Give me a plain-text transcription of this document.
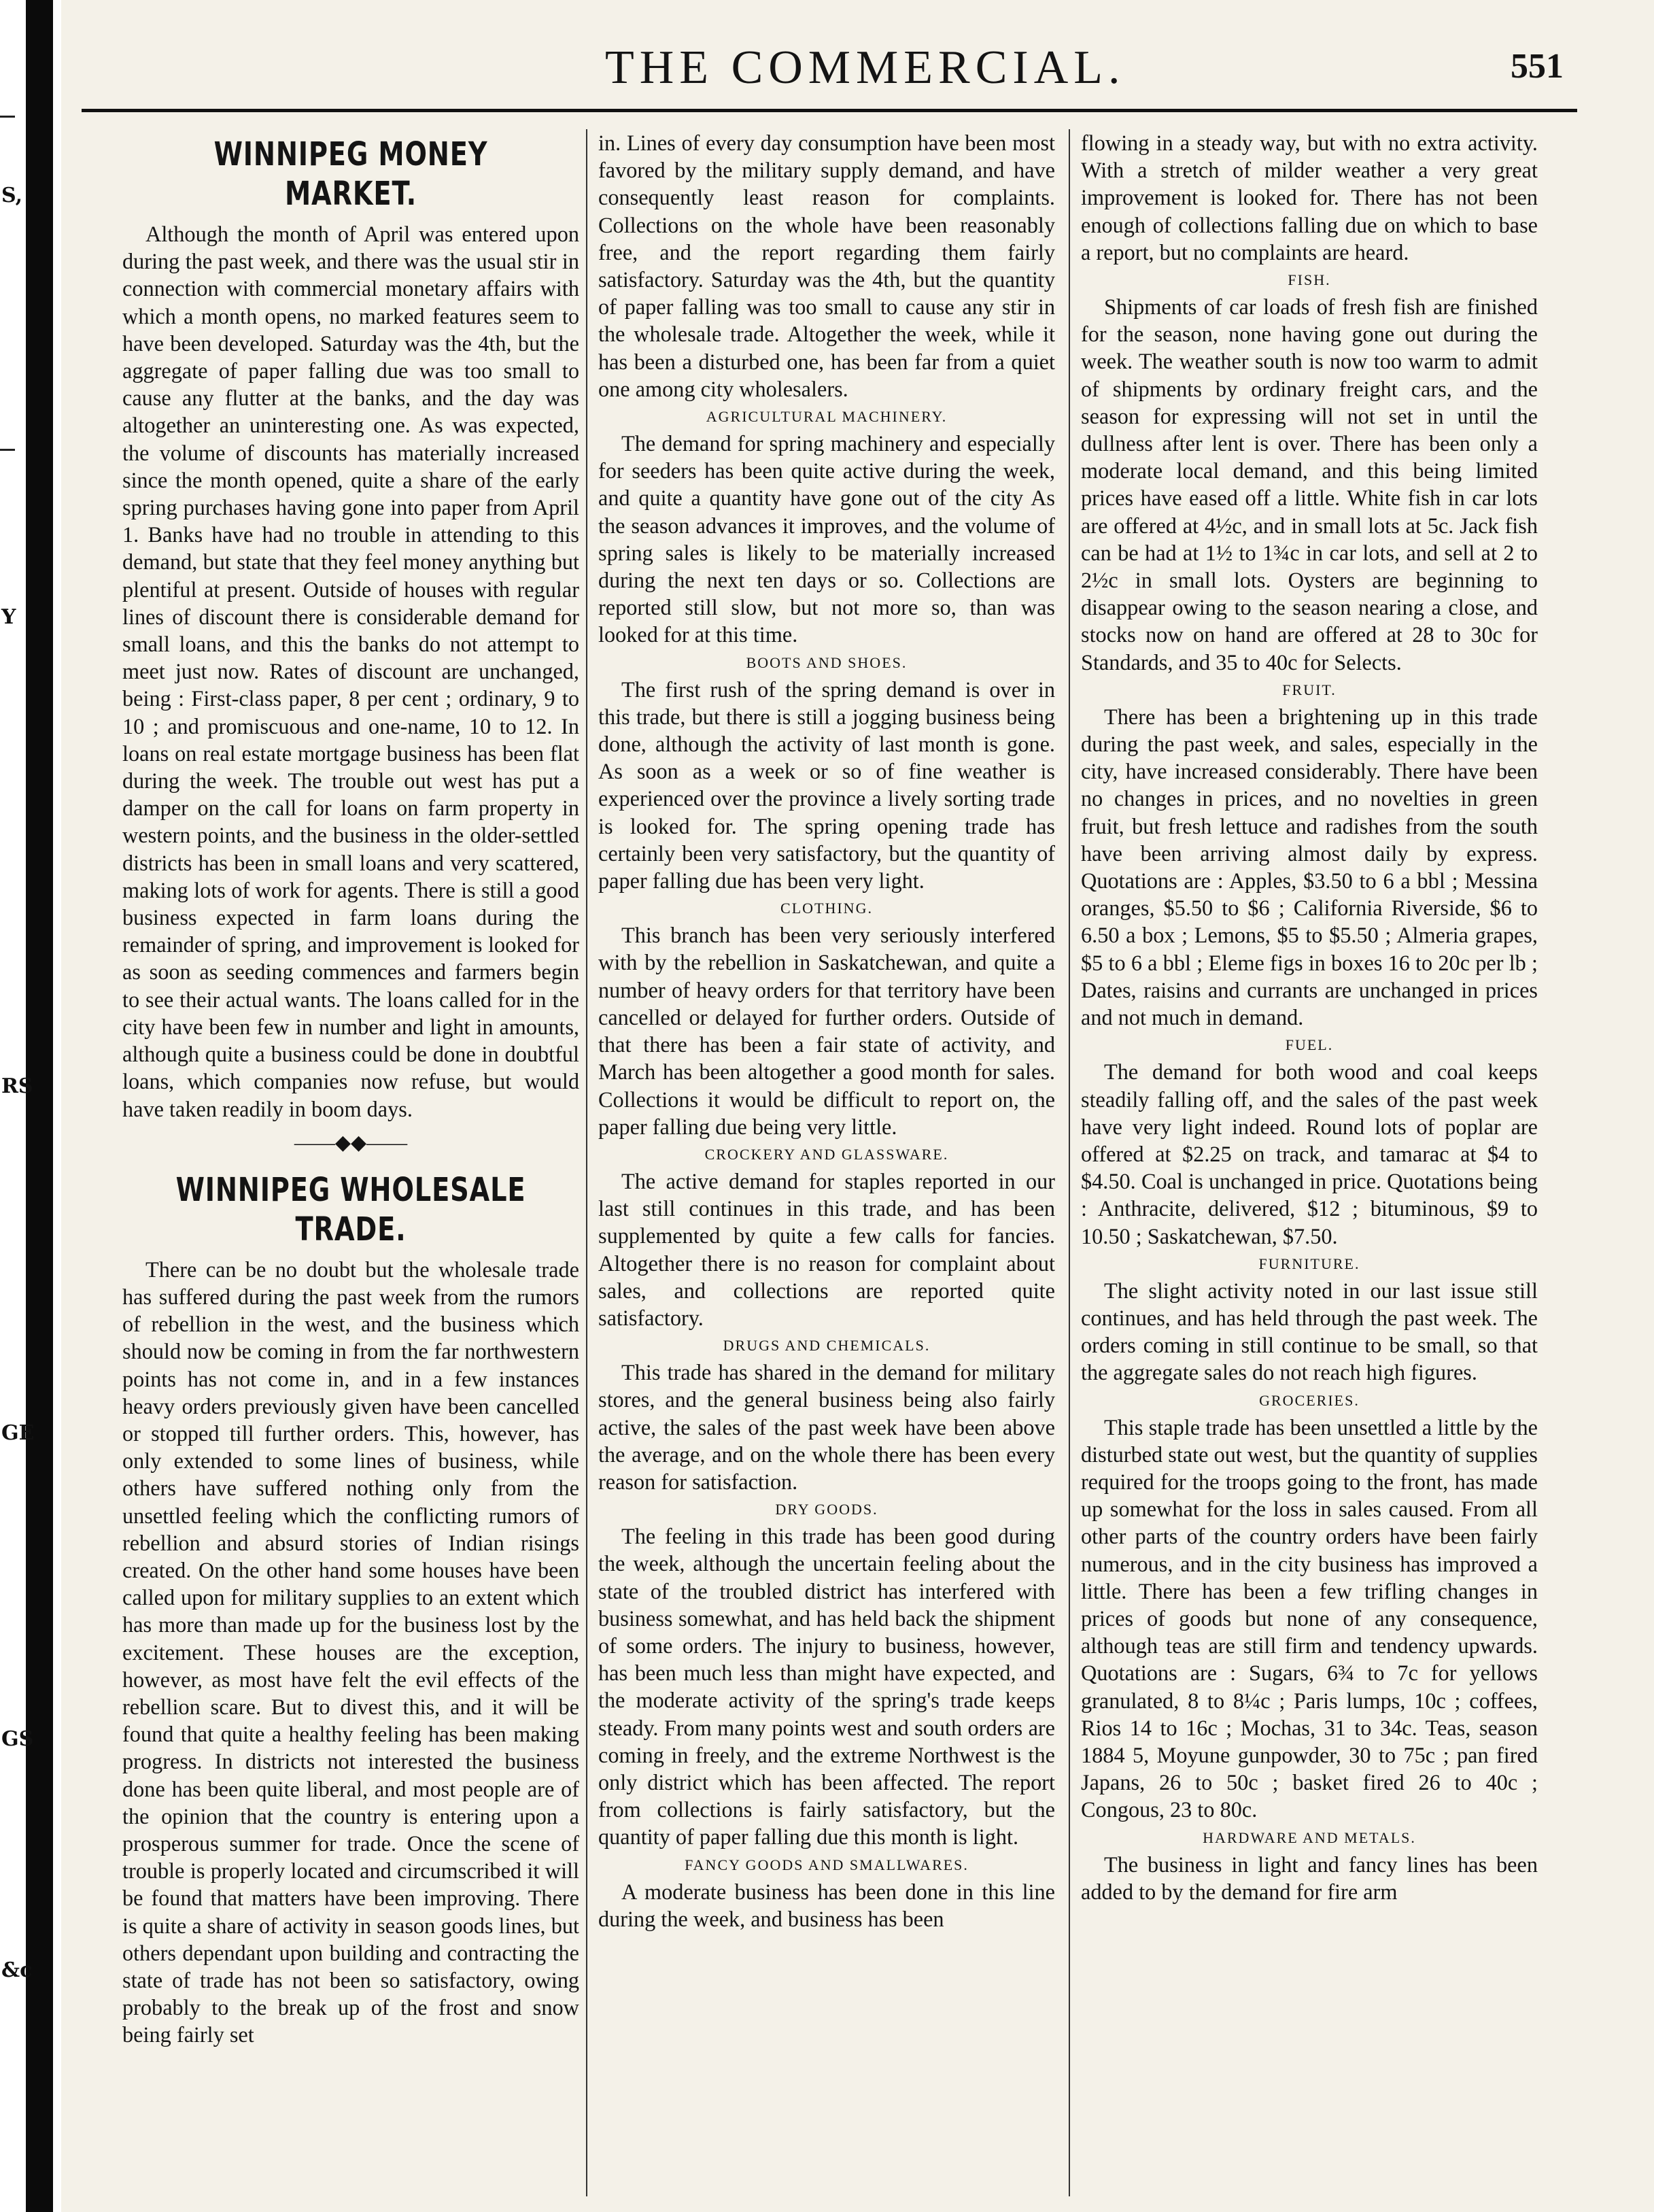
S,
Y
RS
GE
GS
&c
THE COMMERCIAL.	551
WINNIPEG MONEY MARKET.

Although the month of April was entered upon during the past week, and there was the usual stir in connection with commercial monetary affairs with which a month opens, no marked features seem to have been developed. Saturday was the 4th, but the aggregate of paper falling due was too small to cause any flutter at the banks, and the day was altogether an uninteresting one. As was expected, the volume of discounts has materially increased since the month opened, quite a share of the early spring purchases having gone into paper from April 1. Banks have had no trouble in attending to this demand, but state that they feel money anything but plentiful at present. Outside of houses with regular lines of discount there is considerable demand for small loans, and this the banks do not attempt to meet just now. Rates of discount are unchanged, being : First-class paper, 8 per cent ; ordinary, 9 to 10 ; and promiscuous and one-name, 10 to 12. In loans on real estate mortgage business has been flat during the week. The trouble out west has put a damper on the call for loans on farm property in western points, and the business in the older-settled districts has been in small loans and very scattered, making lots of work for agents. There is still a good business expected in farm loans during the remainder of spring, and improvement is looked for as soon as seeding commences and farmers begin to see their actual wants. The loans called for in the city have been few in number and light in amounts, although quite a business could be done in doubtful loans, which companies now refuse, but would have taken readily in boom days.

——◆◆——
WINNIPEG WHOLESALE TRADE.

There can be no doubt but the wholesale trade has suffered during the past week from the rumors of rebellion in the west, and the business which should now be coming in from the far northwestern points has not come in, and in a few instances heavy orders previously given have been cancelled or stopped till further orders. This, however, has only extended to some lines of business, while others have suffered nothing only from the unsettled feeling which the conflicting rumors of rebellion and absurd stories of Indian risings created. On the other hand some houses have been called upon for military supplies to an extent which has more than made up for the business lost by the excitement. These houses are the exception, however, as most have felt the evil effects of the rebellion scare. But to divest this, and it will be found that quite a healthy feeling has been making progress. In districts not interested the business done has been quite liberal, and most people are of the opinion that the country is entering upon a prosperous summer for trade. Once the scene of trouble is properly located and circumscribed it will be found that matters have been improving. There is quite a share of activity in season goods lines, but others dependant upon building and contracting the state of trade has not been so satisfactory, owing probably to the break up of the frost and snow being fairly set

in. Lines of every day consumption have been most favored by the military supply demand, and have consequently least reason for complaints. Collections on the whole have been reasonably free, and the report regarding them fairly satisfactory. Saturday was the 4th, but the quantity of paper falling was too small to cause any stir in the wholesale trade. Altogether the week, while it has been a disturbed one, has been far from a quiet one among city wholesalers.

AGRICULTURAL MACHINERY.

The demand for spring machinery and especially for seeders has been quite active during the week, and quite a quantity have gone out of the city As the season advances it improves, and the volume of spring sales is likely to be materially increased during the next ten days or so. Collections are reported still slow, but not more so, than was looked for at this time.

BOOTS AND SHOES.

The first rush of the spring demand is over in this trade, but there is still a jogging business being done, although the activity of last month is gone. As soon as a week or so of fine weather is experienced over the province a lively sorting trade is looked for. The spring opening trade has certainly been very satisfactory, but the quantity of paper falling due has been very light.

CLOTHING.

This branch has been very seriously interfered with by the rebellion in Saskatchewan, and quite a number of heavy orders for that territory have been cancelled or delayed for further orders. Outside of that there has been a fair state of activity, and March has been altogether a good month for sales. Collections it would be difficult to report on, the paper falling due being very little.

CROCKERY AND GLASSWARE.

The active demand for staples reported in our last still continues in this trade, and has been supplemented by quite a few calls for fancies. Altogether there is no reason for complaint about sales, and collections are reported quite satisfactory.

DRUGS AND CHEMICALS.

This trade has shared in the demand for military stores, and the general business being also fairly active, the sales of the past week have been above the average, and on the whole there has been every reason for satisfaction.

DRY GOODS.

The feeling in this trade has been good during the week, although the uncertain feeling about the state of the troubled district has interfered with business somewhat, and has held back the shipment of some orders. The injury to business, however, has been much less than might have expected, and the moderate activity of the spring's trade keeps steady. From many points west and south orders are coming in freely, and the extreme Northwest is the only district which has been affected. The report from collections is fairly satisfactory, but the quantity of paper falling due this month is light.

FANCY GOODS AND SMALLWARES.

A moderate business has been done in this line during the week, and business has been

flowing in a steady way, but with no extra activity. With a stretch of milder weather a very great improvement is looked for. There has not been enough of collections falling due on which to base a report, but no complaints are heard.

FISH.

Shipments of car loads of fresh fish are finished for the season, none having gone out during the week. The weather south is now too warm to admit of shipments by ordinary freight cars, and the season for expressing will not set in until the dullness after lent is over. There has been only a moderate local demand, and this being limited prices have eased off a little. White fish in car lots are offered at 4½c, and in small lots at 5c. Jack fish can be had at 1½ to 1¾c in car lots, and sell at 2 to 2½c in small lots. Oysters are beginning to disappear owing to the season nearing a close, and stocks now on hand are offered at 28 to 30c for Standards, and 35 to 40c for Selects.

FRUIT.

There has been a brightening up in this trade during the past week, and sales, especially in the city, have increased considerably. There have been no changes in prices, and no novelties in green fruit, but fresh lettuce and radishes from the south have been arriving almost daily by express. Quotations are : Apples, $3.50 to 6 a bbl ; Messina oranges, $5.50 to $6 ; California Riverside, $6 to 6.50 a box ; Lemons, $5 to $5.50 ; Almeria grapes, $5 to 6 a bbl ; Eleme figs in boxes 16 to 20c per lb ; Dates, raisins and currants are unchanged in prices and not much in demand.

FUEL.

The demand for both wood and coal keeps steadily falling off, and the sales of the past week have very light indeed. Round lots of poplar are offered at $2.25 on track, and tamarac at $4 to $4.50. Coal is unchanged in price. Quotations being : Anthracite, delivered, $12 ; bituminous, $9 to 10.50 ; Saskatchewan, $7.50.

FURNITURE.

The slight activity noted in our last issue still continues, and has held through the past week. The orders coming in still continue to be small, so that the aggregate sales do not reach high figures.

GROCERIES.

This staple trade has been unsettled a little by the disturbed state out west, but the quantity of supplies required for the troops going to the front, has made up somewhat for the loss in sales caused. From all other parts of the country orders have been fairly numerous, and in the city business has improved a little. There has been a few trifling changes in prices of goods but none of any consequence, although teas are still firm and tendency upwards. Quotations are : Sugars, 6¾ to 7c for yellows granulated, 8 to 8¼c ; Paris lumps, 10c ; coffees, Rios 14 to 16c ; Mochas, 31 to 34c. Teas, season 1884 5, Moyune gunpowder, 30 to 75c ; pan fired Japans, 26 to 50c ; basket fired 26 to 40c ; Congous, 23 to 80c.

HARDWARE AND METALS.

The business in light and fancy lines has been added to by the demand for fire arm
